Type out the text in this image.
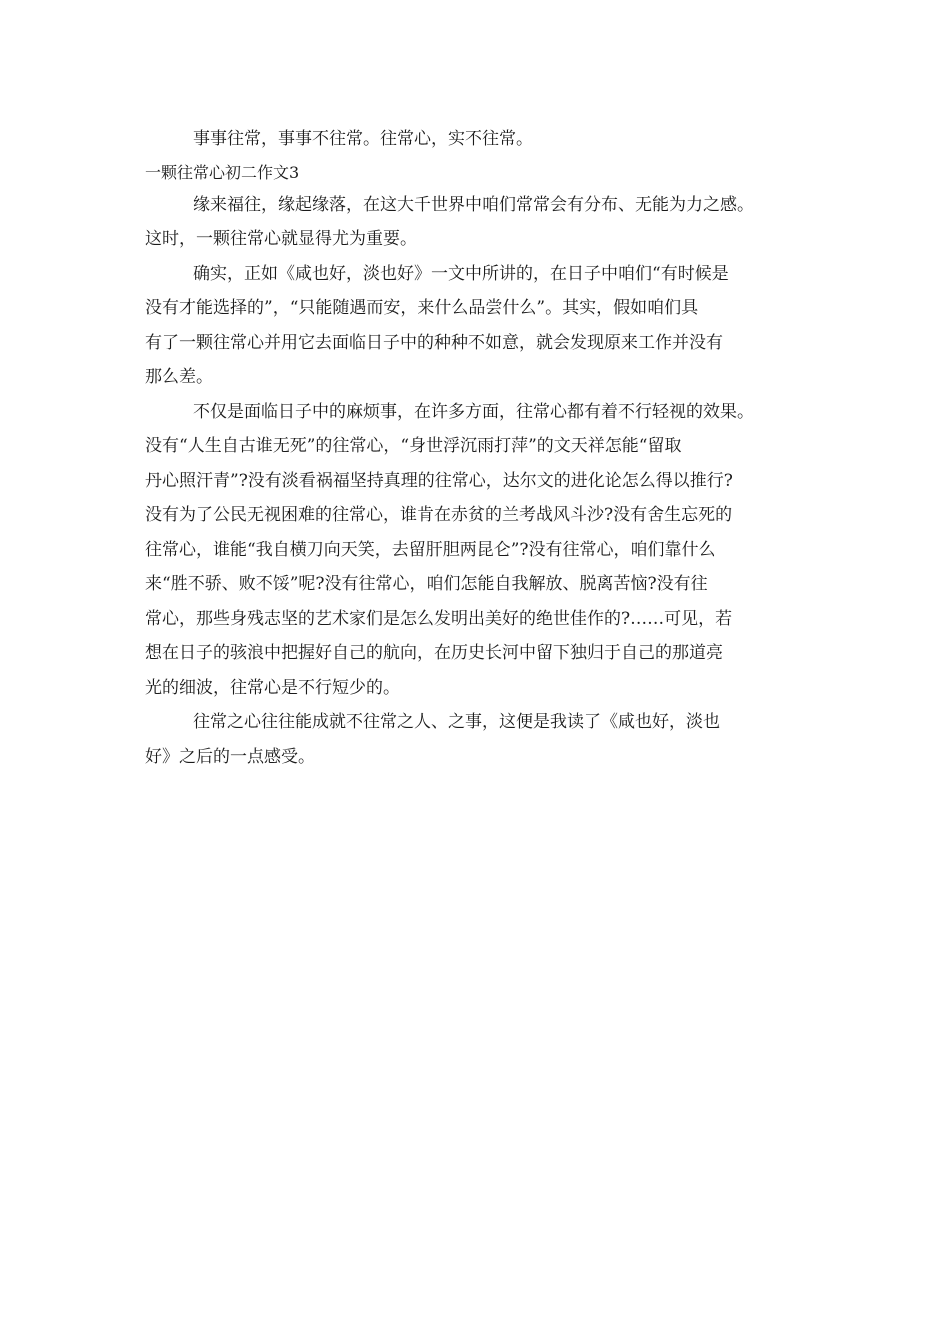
事事往常，事事不往常。往常心，实不往常。
一颗往常心初二作文3
缘来福往，缘起缘落，在这大千世界中咱们常常会有分布、无能为力之感。
这时，一颗往常心就显得尤为重要。
确实，正如《咸也好，淡也好》一文中所讲的，在日子中咱们“有时候是
没有才能选择的”，“只能随遇而安，来什么品尝什么”。其实，假如咱们具
有了一颗往常心并用它去面临日子中的种种不如意，就会发现原来工作并没有
那么差。
不仅是面临日子中的麻烦事，在许多方面，往常心都有着不行轻视的效果。
没有“人生自古谁无死”的往常心，“身世浮沉雨打萍”的文天祥怎能“留取
丹心照汗青”?没有淡看祸福坚持真理的往常心，达尔文的进化论怎么得以推行?
没有为了公民无视困难的往常心，谁肯在赤贫的兰考战风斗沙?没有舍生忘死的
往常心，谁能“我自横刀向天笑，去留肝胆两昆仑”?没有往常心，咱们靠什么
来“胜不骄、败不馁”呢?没有往常心，咱们怎能自我解放、脱离苦恼?没有往
常心，那些身残志坚的艺术家们是怎么发明出美好的绝世佳作的?……可见，若
想在日子的骇浪中把握好自己的航向，在历史长河中留下独归于自己的那道亮
光的细波，往常心是不行短少的。
往常之心往往能成就不往常之人、之事，这便是我读了《咸也好，淡也
好》之后的一点感受。
